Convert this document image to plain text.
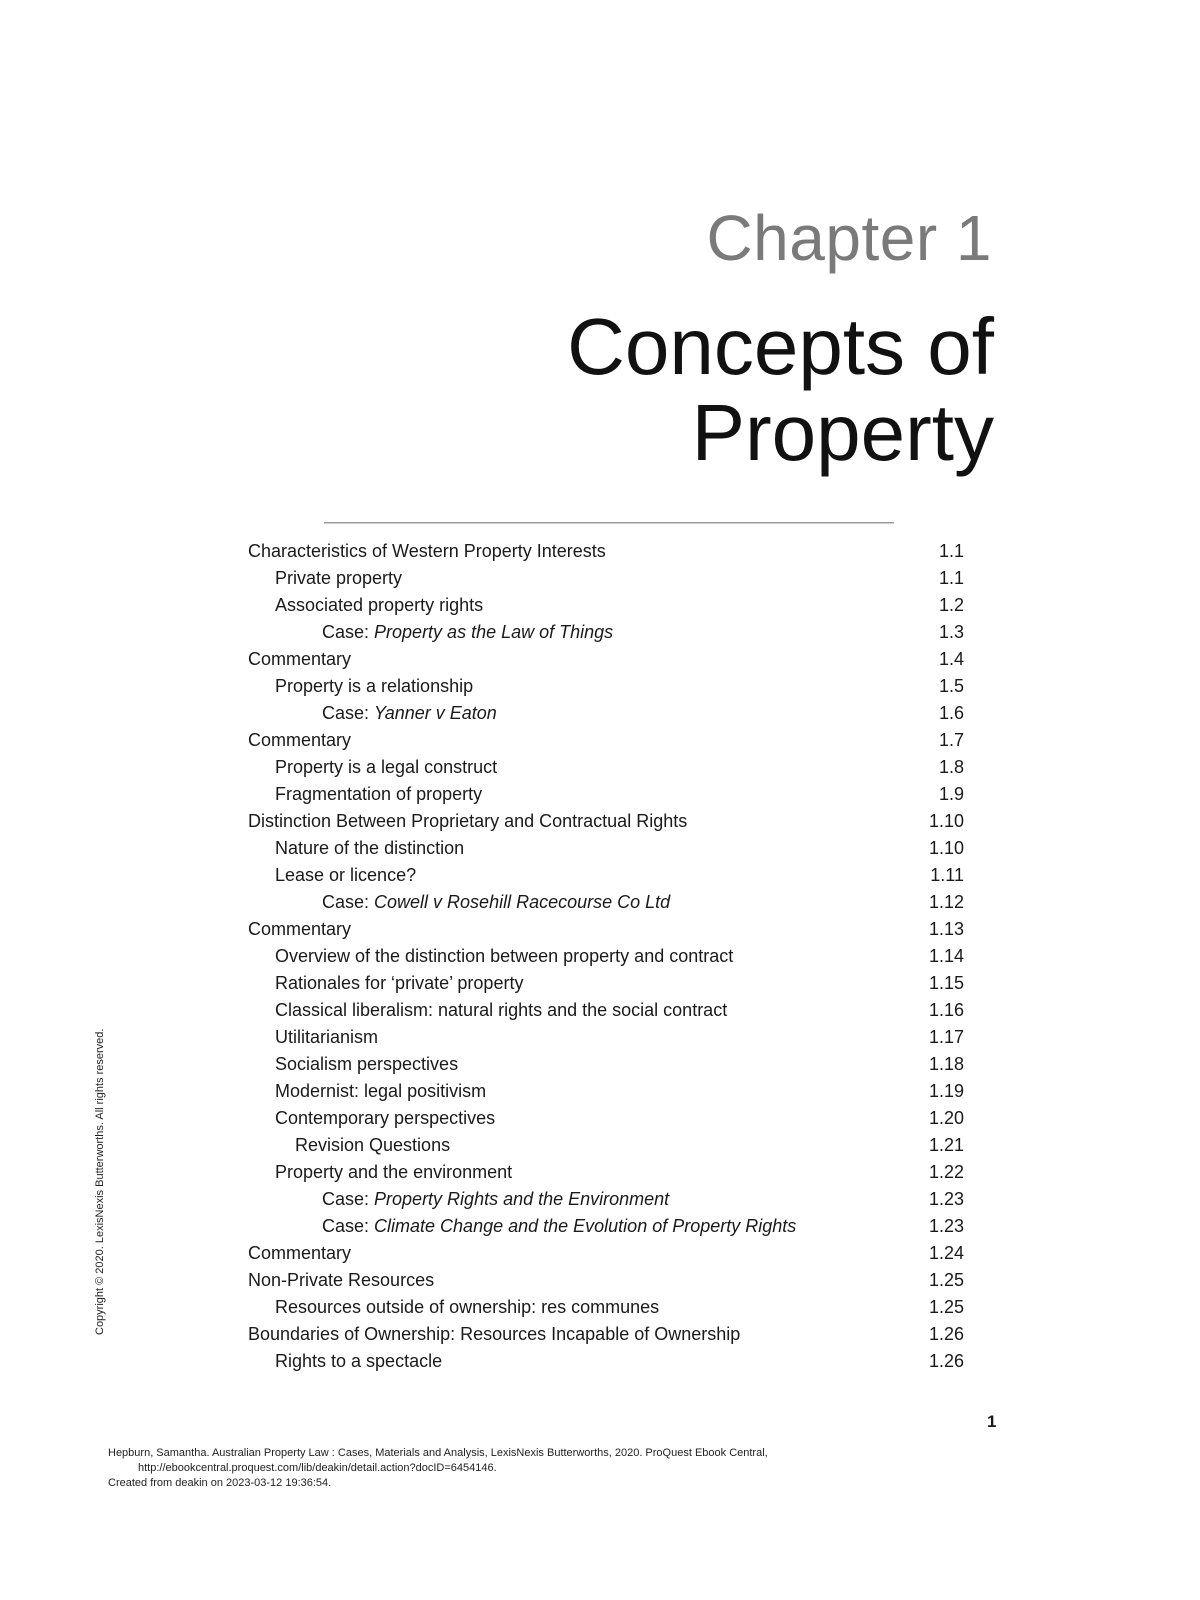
Chapter 1
Concepts of
Property
Characteristics of Western Property Interests	1.1
Private property	1.1
Associated property rights	1.2
Case: Property as the Law of Things	1.3
Commentary	1.4
Property is a relationship	1.5
Case: Yanner v Eaton	1.6
Commentary	1.7
Property is a legal construct	1.8
Fragmentation of property	1.9
Distinction Between Proprietary and Contractual Rights	1.10
Nature of the distinction	1.10
Lease or licence?	1.11
Case: Cowell v Rosehill Racecourse Co Ltd	1.12
Commentary	1.13
Overview of the distinction between property and contract	1.14
Rationales for ‘private’ property	1.15
Classical liberalism: natural rights and the social contract	1.16
Utilitarianism	1.17
Socialism perspectives	1.18
Modernist: legal positivism	1.19
Contemporary perspectives	1.20
Revision Questions	1.21
Property and the environment	1.22
Case: Property Rights and the Environment	1.23
Case: Climate Change and the Evolution of Property Rights	1.23
Commentary	1.24
Non-Private Resources	1.25
Resources outside of ownership: res communes	1.25
Boundaries of Ownership: Resources Incapable of Ownership	1.26
Rights to a spectacle	1.26
Copyright © 2020. LexisNexis Butterworths. All rights reserved.
1
Hepburn, Samantha. Australian Property Law : Cases, Materials and Analysis, LexisNexis Butterworths, 2020. ProQuest Ebook Central,
http://ebookcentral.proquest.com/lib/deakin/detail.action?docID=6454146.
Created from deakin on 2023-03-12 19:36:54.
